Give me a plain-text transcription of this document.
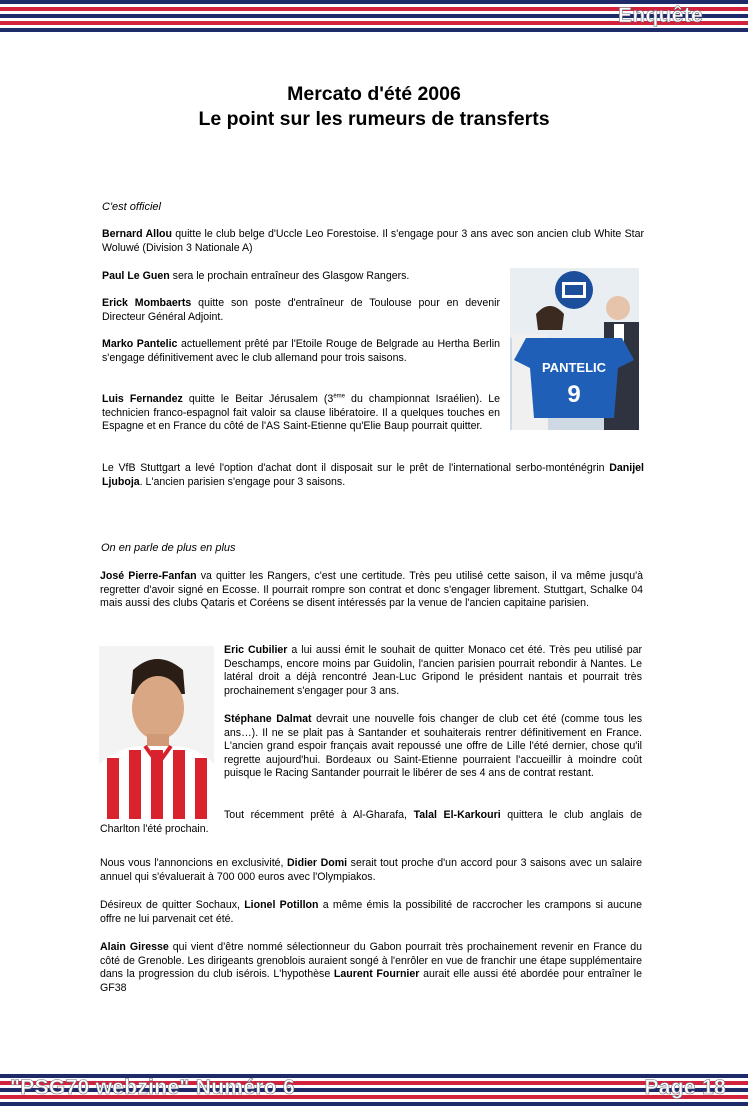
Enquête
Mercato d'été 2006
Le point sur les rumeurs de transferts
C'est officiel

Bernard Allou quitte le club belge d'Uccle Leo Forestoise. Il s'engage pour 3 ans avec son ancien club White Star Woluwé (Division 3 Nationale A)

Paul Le Guen sera le prochain entraîneur des Glasgow Rangers.

Erick Mombaerts quitte son poste d'entraîneur de Toulouse pour en devenir Directeur Général Adjoint.

Marko Pantelic actuellement prêté par l'Etoile Rouge de Belgrade au Hertha Berlin s'engage définitivement avec le club allemand pour trois saisons.

Luis Fernandez quitte le Beitar Jérusalem (3ème du championnat Israélien). Le technicien franco-espagnol fait valoir sa clause libératoire. Il a quelques touches en Espagne et en France du côté de l'AS Saint-Etienne qu'Elie Baup pourrait quitter.

Le VfB Stuttgart a levé l'option d'achat dont il disposait sur le prêt de l'international serbo-monténégrin Danijel Ljuboja. L'ancien parisien s'engage pour 3 saisons.

PANTELIC
9
On en parle de plus en plus

José Pierre-Fanfan va quitter les Rangers, c'est une certitude. Très peu utilisé cette saison, il va même jusqu'à regretter d'avoir signé en Ecosse. Il pourrait rompre son contrat et donc s'engager librement. Stuttgart, Schalke 04 mais aussi des clubs Qataris et Coréens se disent intéressés par la venue de l'ancien capitaine parisien.

Eric Cubilier a lui aussi émit le souhait de quitter Monaco cet été. Très peu utilisé par Deschamps, encore moins par Guidolin, l'ancien parisien pourrait rebondir à Nantes. Le latéral droit a déjà rencontré Jean-Luc Gripond le président nantais et pourrait très prochainement s'engager pour 3 ans.

Stéphane Dalmat devrait une nouvelle fois changer de club cet été (comme tous les ans…). Il ne se plait pas à Santander et souhaiterais rentrer définitivement en France. L'ancien grand espoir français avait repoussé une offre de Lille l'été dernier, chose qu'il regrette aujourd'hui. Bordeaux ou Saint-Etienne pourraient l'accueillir à moindre coût puisque le Racing Santander pourrait le libérer de ses 4 ans de contrat restant.

Tout récemment prêté à Al-Gharafa, Talal El-Karkouri quittera le club anglais de Charlton l'été prochain.

Nous vous l'annoncions en exclusivité, Didier Domi serait tout proche d'un accord pour 3 saisons avec un salaire annuel qui s'évaluerait à 700 000 euros avec l'Olympiakos.

Désireux de quitter Sochaux, Lionel Potillon a même émis la possibilité de raccrocher les crampons si aucune offre ne lui parvenait cet été.

Alain Giresse qui vient d'être nommé sélectionneur du Gabon pourrait très prochainement revenir en France du côté de Grenoble. Les dirigeants grenoblois auraient songé à l'enrôler en vue de franchir une étape supplémentaire dans la progression du club isérois. L'hypothèse Laurent Fournier aurait elle aussi été abordée pour entraîner le GF38

"PSG70 webzine" Numéro 6	Page 18
